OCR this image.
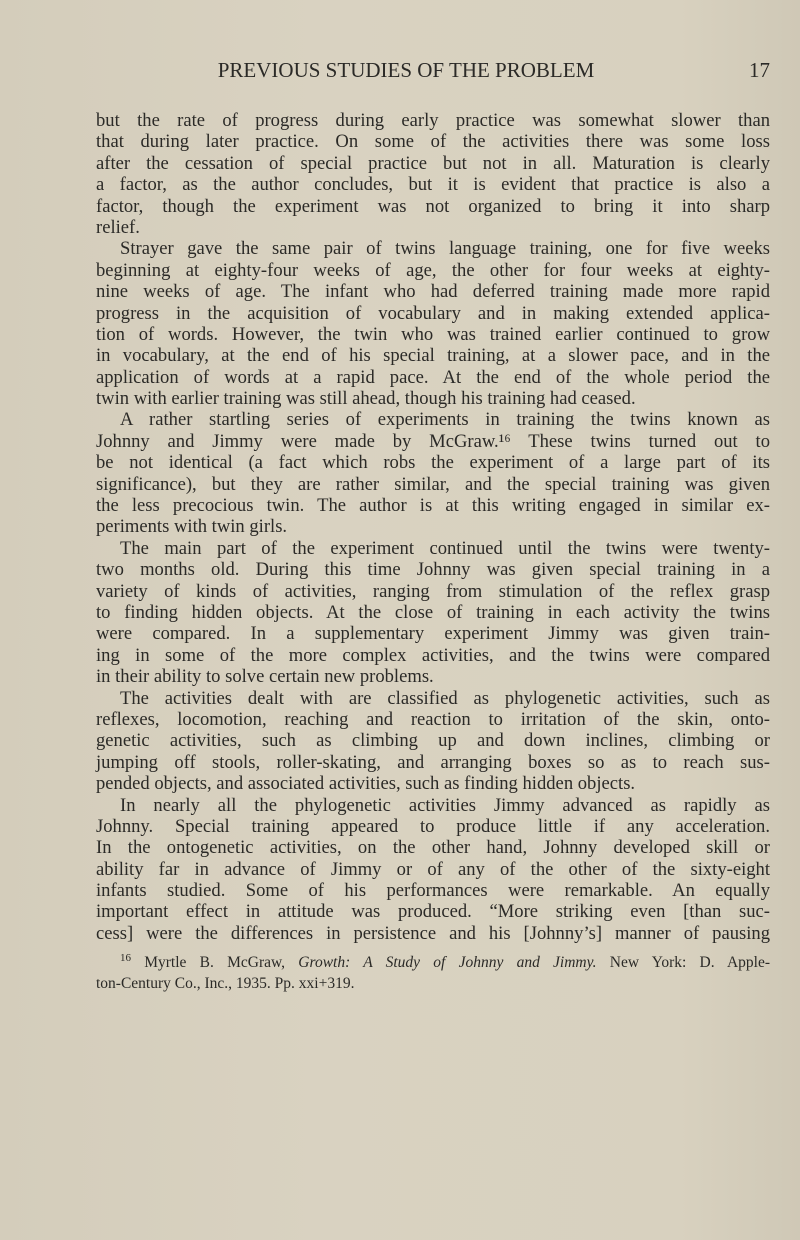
PREVIOUS STUDIES OF THE PROBLEM	17
but the rate of progress during early practice was somewhat slower than
that during later practice. On some of the activities there was some loss
after the cessation of special practice but not in all. Maturation is clearly
a factor, as the author concludes, but it is evident that practice is also a
factor, though the experiment was not organized to bring it into sharp
relief.
Strayer gave the same pair of twins language training, one for five weeks
beginning at eighty-four weeks of age, the other for four weeks at eighty-
nine weeks of age. The infant who had deferred training made more rapid
progress in the acquisition of vocabulary and in making extended applica-
tion of words. However, the twin who was trained earlier continued to grow
in vocabulary, at the end of his special training, at a slower pace, and in the
application of words at a rapid pace. At the end of the whole period the
twin with earlier training was still ahead, though his training had ceased.
A rather startling series of experiments in training the twins known as
Johnny and Jimmy were made by McGraw.¹⁶ These twins turned out to
be not identical (a fact which robs the experiment of a large part of its
significance), but they are rather similar, and the special training was given
the less precocious twin. The author is at this writing engaged in similar ex-
periments with twin girls.
The main part of the experiment continued until the twins were twenty-
two months old. During this time Johnny was given special training in a
variety of kinds of activities, ranging from stimulation of the reflex grasp
to finding hidden objects. At the close of training in each activity the twins
were compared. In a supplementary experiment Jimmy was given train-
ing in some of the more complex activities, and the twins were compared
in their ability to solve certain new problems.
The activities dealt with are classified as phylogenetic activities, such as
reflexes, locomotion, reaching and reaction to irritation of the skin, onto-
genetic activities, such as climbing up and down inclines, climbing or
jumping off stools, roller-skating, and arranging boxes so as to reach sus-
pended objects, and associated activities, such as finding hidden objects.
In nearly all the phylogenetic activities Jimmy advanced as rapidly as
Johnny. Special training appeared to produce little if any acceleration.
In the ontogenetic activities, on the other hand, Johnny developed skill or
ability far in advance of Jimmy or of any of the other of the sixty-eight
infants studied. Some of his performances were remarkable. An equally
important effect in attitude was produced. “More striking even [than suc-
cess] were the differences in persistence and his [Johnny’s] manner of pausing
$^{16}$ Myrtle B. McGraw, Growth: A Study of Johnny and Jimmy. New York: D. Apple-
ton-Century Co., Inc., 1935. Pp. xxi+319.
